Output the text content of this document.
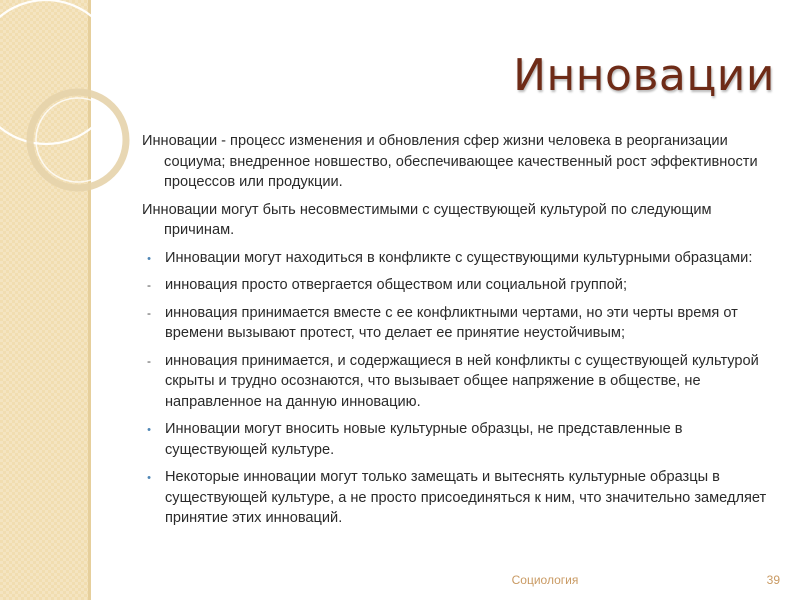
Инновации
Инновации - процесс изменения и обновления сфер жизни человека в реорганизации социума; внедренное новшество, обеспечивающее качественный рост эффективности процессов или продукции.
Инновации могут быть несовместимыми с существующей культурой по следующим причинам.
• Инновации могут находиться в конфликте с существующими культурными образцами:
- инновация просто отвергается обществом или социальной группой;
- инновация принимается вместе с ее конфликтными чертами, но эти черты время от времени вызывают протест, что делает ее принятие неустойчивым;
- инновация принимается, и содержащиеся в ней конфликты с существующей культурой скрыты и трудно осознаются, что вызывает общее напряжение в обществе, не направленное на данную инновацию.
• Инновации могут вносить новые культурные образцы, не представленные в существующей культуре.
• Некоторые инновации могут только замещать и вытеснять культурные образцы в существующей культуре, а не просто присоединяться к ним, что значительно замедляет принятие этих инноваций.
Социология	39
